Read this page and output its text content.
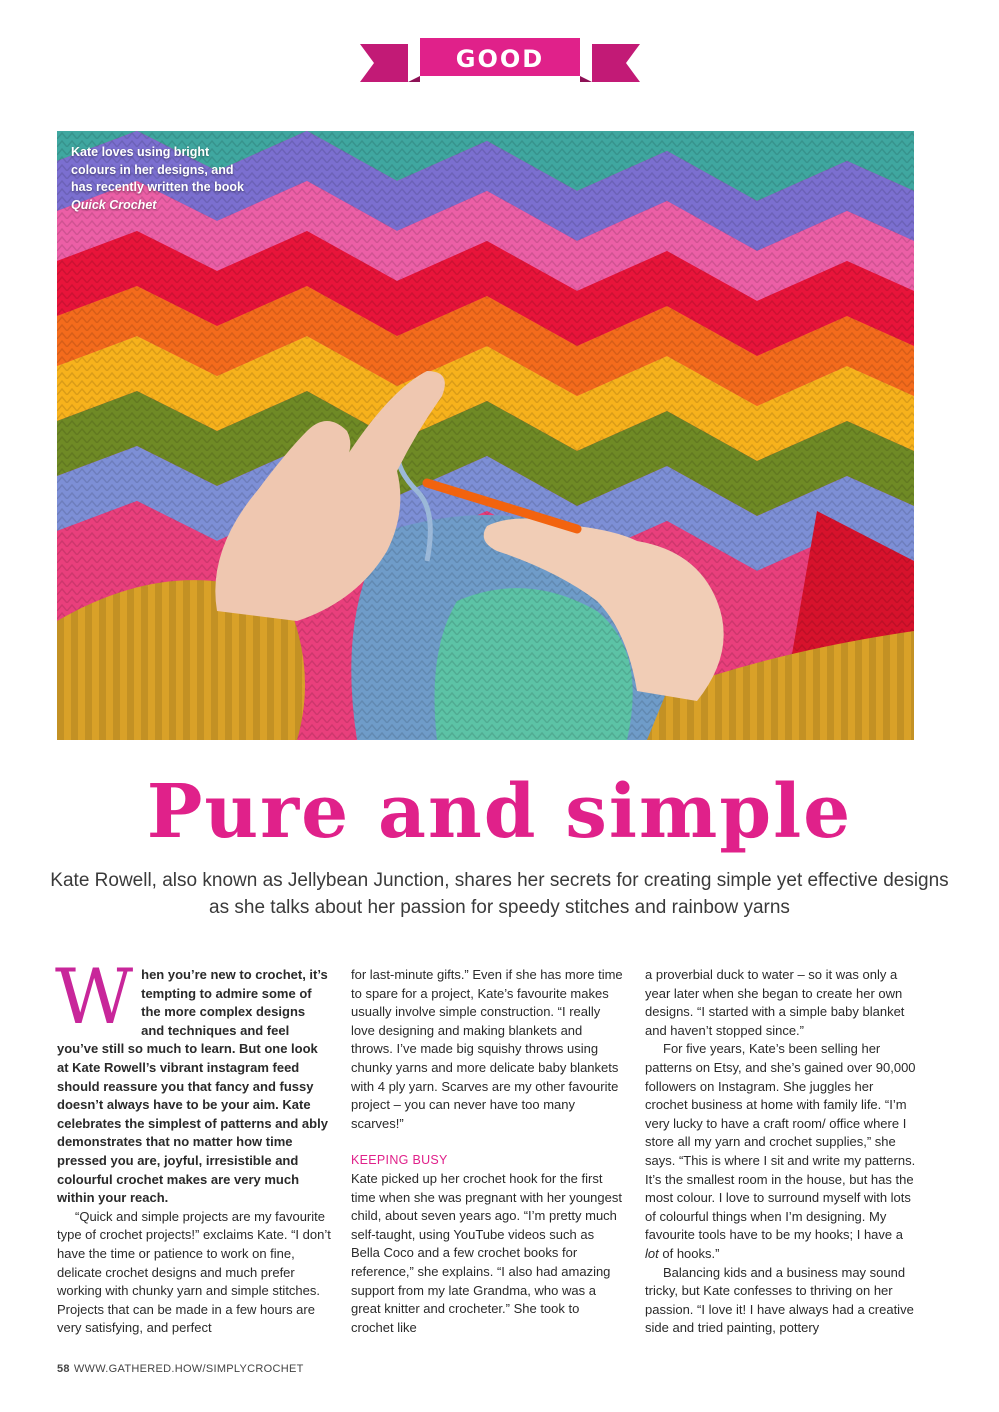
GOOD READ
Kate loves using bright colours in her designs, and has recently written the book Quick Crochet
Pure and simple
Kate Rowell, also known as Jellybean Junction, shares her secrets for creating simple yet effective designs as she talks about her passion for speedy stitches and rainbow yarns

W hen you’re new to crochet, it’s tempting to admire some of the more complex designs and techniques and feel you’ve still so much to learn. But one look at Kate Rowell’s vibrant instagram feed should reassure you that fancy and fussy doesn’t always have to be your aim. Kate celebrates the simplest of patterns and ably demonstrates that no matter how time pressed you are, joyful, irresistible and colourful crochet makes are very much within your reach.

“Quick and simple projects are my favourite type of crochet projects!” exclaims Kate. “I don’t have the time or patience to work on fine, delicate crochet designs and much prefer working with chunky yarn and simple stitches. Projects that can be made in a few hours are very satisfying, and perfect

for last-minute gifts.” Even if she has more time to spare for a project, Kate’s favourite makes usually involve simple construction. “I really love designing and making blankets and throws. I’ve made big squishy throws using chunky yarns and more delicate baby blankets with 4 ply yarn. Scarves are my other favourite project – you can never have too many scarves!”

KEEPING BUSY

Kate picked up her crochet hook for the first time when she was pregnant with her youngest child, about seven years ago. “I’m pretty much self-taught, using YouTube videos such as Bella Coco and a few crochet books for reference,” she explains. “I also had amazing support from my late Grandma, who was a great knitter and crocheter.” She took to crochet like

a proverbial duck to water – so it was only a year later when she began to create her own designs. “I started with a simple baby blanket and haven’t stopped since.”

For five years, Kate’s been selling her patterns on Etsy, and she’s gained over 90,000 followers on Instagram. She juggles her crochet business at home with family life. “I’m very lucky to have a craft room/ office where I store all my yarn and crochet supplies,” she says. “This is where I sit and write my patterns. It’s the smallest room in the house, but has the most colour. I love to surround myself with lots of colourful things when I’m designing. My favourite tools have to be my hooks; I have a lot of hooks.”

Balancing kids and a business may sound tricky, but Kate confesses to thriving on her passion. “I love it! I have always had a creative side and tried painting, pottery

58 WWW.GATHERED.HOW/SIMPLYCROCHET
